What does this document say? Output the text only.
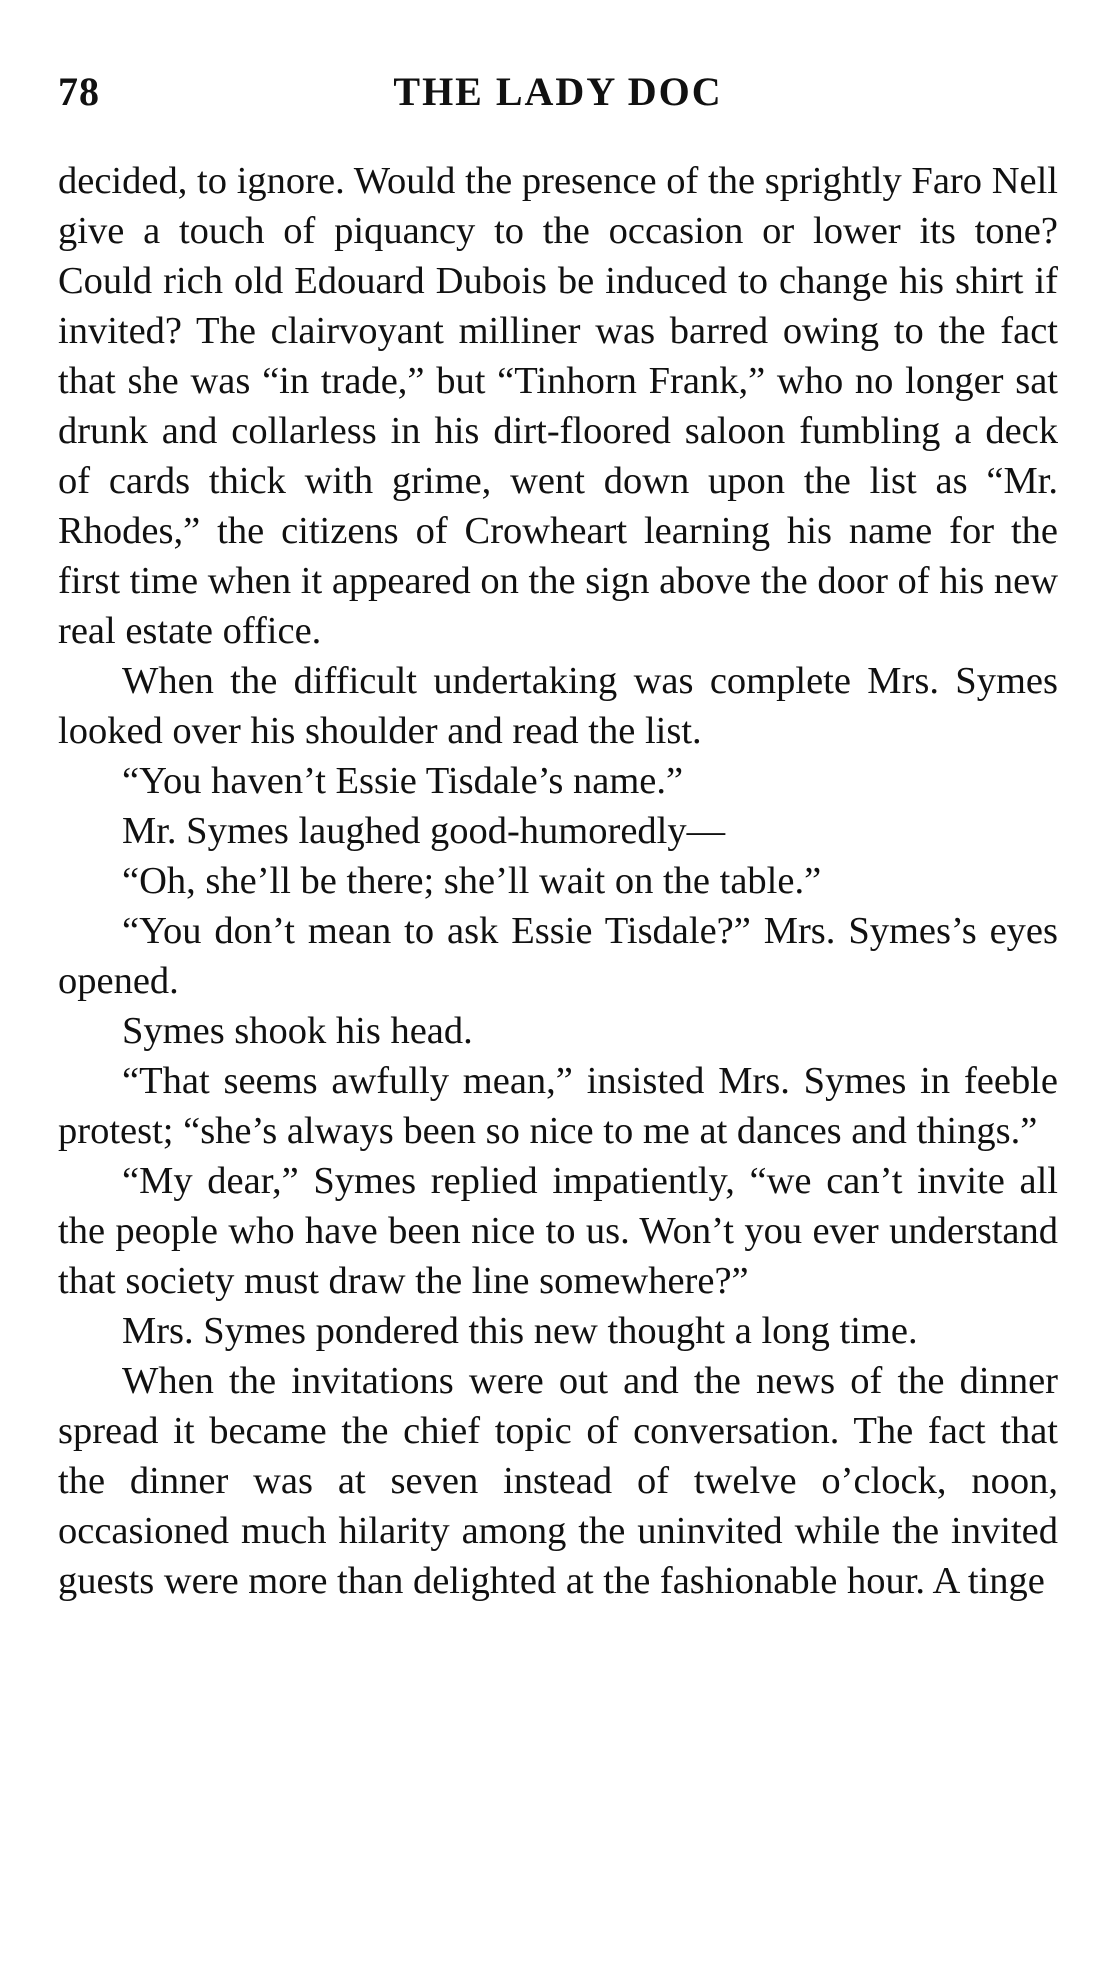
78	THE LADY DOC

decided, to ignore. Would the presence of the sprightly Faro Nell give a touch of piquancy to the occasion or lower its tone? Could rich old Edouard Dubois be induced to change his shirt if invited? The clairvoyant milliner was barred owing to the fact that she was “in trade,” but “Tinhorn Frank,” who no longer sat drunk and collarless in his dirt-floored saloon fumbling a deck of cards thick with grime, went down upon the list as “Mr. Rhodes,” the citizens of Crowheart learning his name for the first time when it appeared on the sign above the door of his new real estate office.

When the difficult undertaking was complete Mrs. Symes looked over his shoulder and read the list.

“You haven’t Essie Tisdale’s name.”

Mr. Symes laughed good-humoredly—

“Oh, she’ll be there; she’ll wait on the table.”

“You don’t mean to ask Essie Tisdale?” Mrs. Symes’s eyes opened.

Symes shook his head.

“That seems awfully mean,” insisted Mrs. Symes in feeble protest; “she’s always been so nice to me at dances and things.”

“My dear,” Symes replied impatiently, “we can’t invite all the people who have been nice to us. Won’t you ever understand that society must draw the line somewhere?”

Mrs. Symes pondered this new thought a long time.

When the invitations were out and the news of the dinner spread it became the chief topic of conversation. The fact that the dinner was at seven instead of twelve o’clock, noon, occasioned much hilarity among the uninvited while the invited guests were more than delighted at the fashionable hour. A tinge
